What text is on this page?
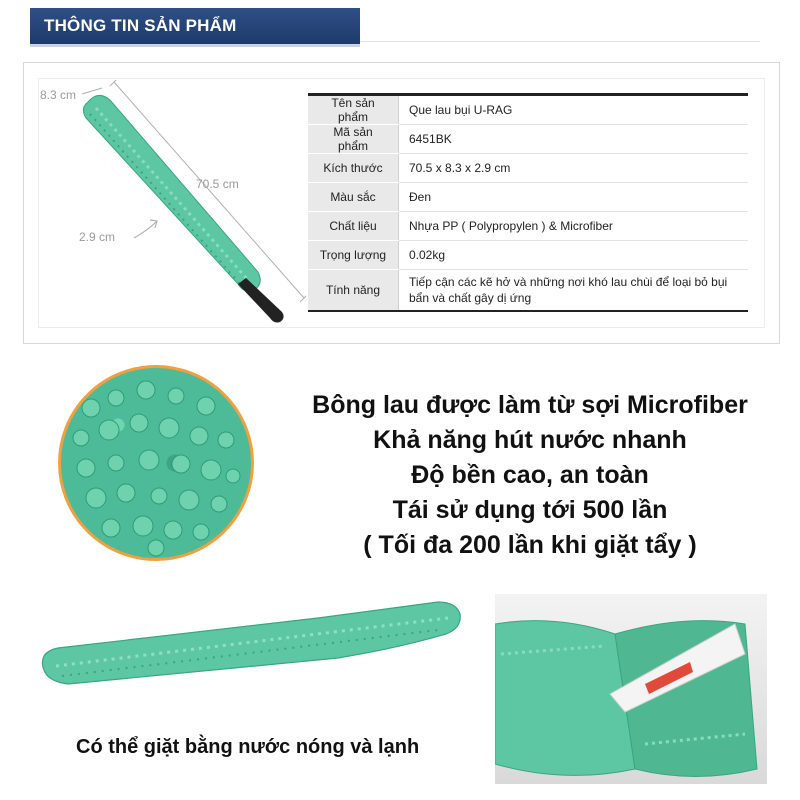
THÔNG TIN SẢN PHẨM
8.3 cm
70.5 cm
2.9 cm
Tên sản phẩm	Que lau bụi U-RAG
Mã sản phẩm	6451BK
Kích thước	70.5 x 8.3 x 2.9 cm
Màu sắc	Đen
Chất liệu	Nhựa PP ( Polypropylen ) & Microfiber
Trọng lượng	0.02kg
Tính năng	Tiếp cận các kẽ hở và những nơi khó lau chùi để loại bỏ bụi bẩn và chất gây dị ứng
Bông lau được làm từ sợi Microfiber
Khả năng hút nước nhanh
Độ bền cao, an toàn
Tái sử dụng tới 500 lần
( Tối đa 200 lần khi giặt tẩy )
Có thể giặt bằng nước nóng và lạnh
